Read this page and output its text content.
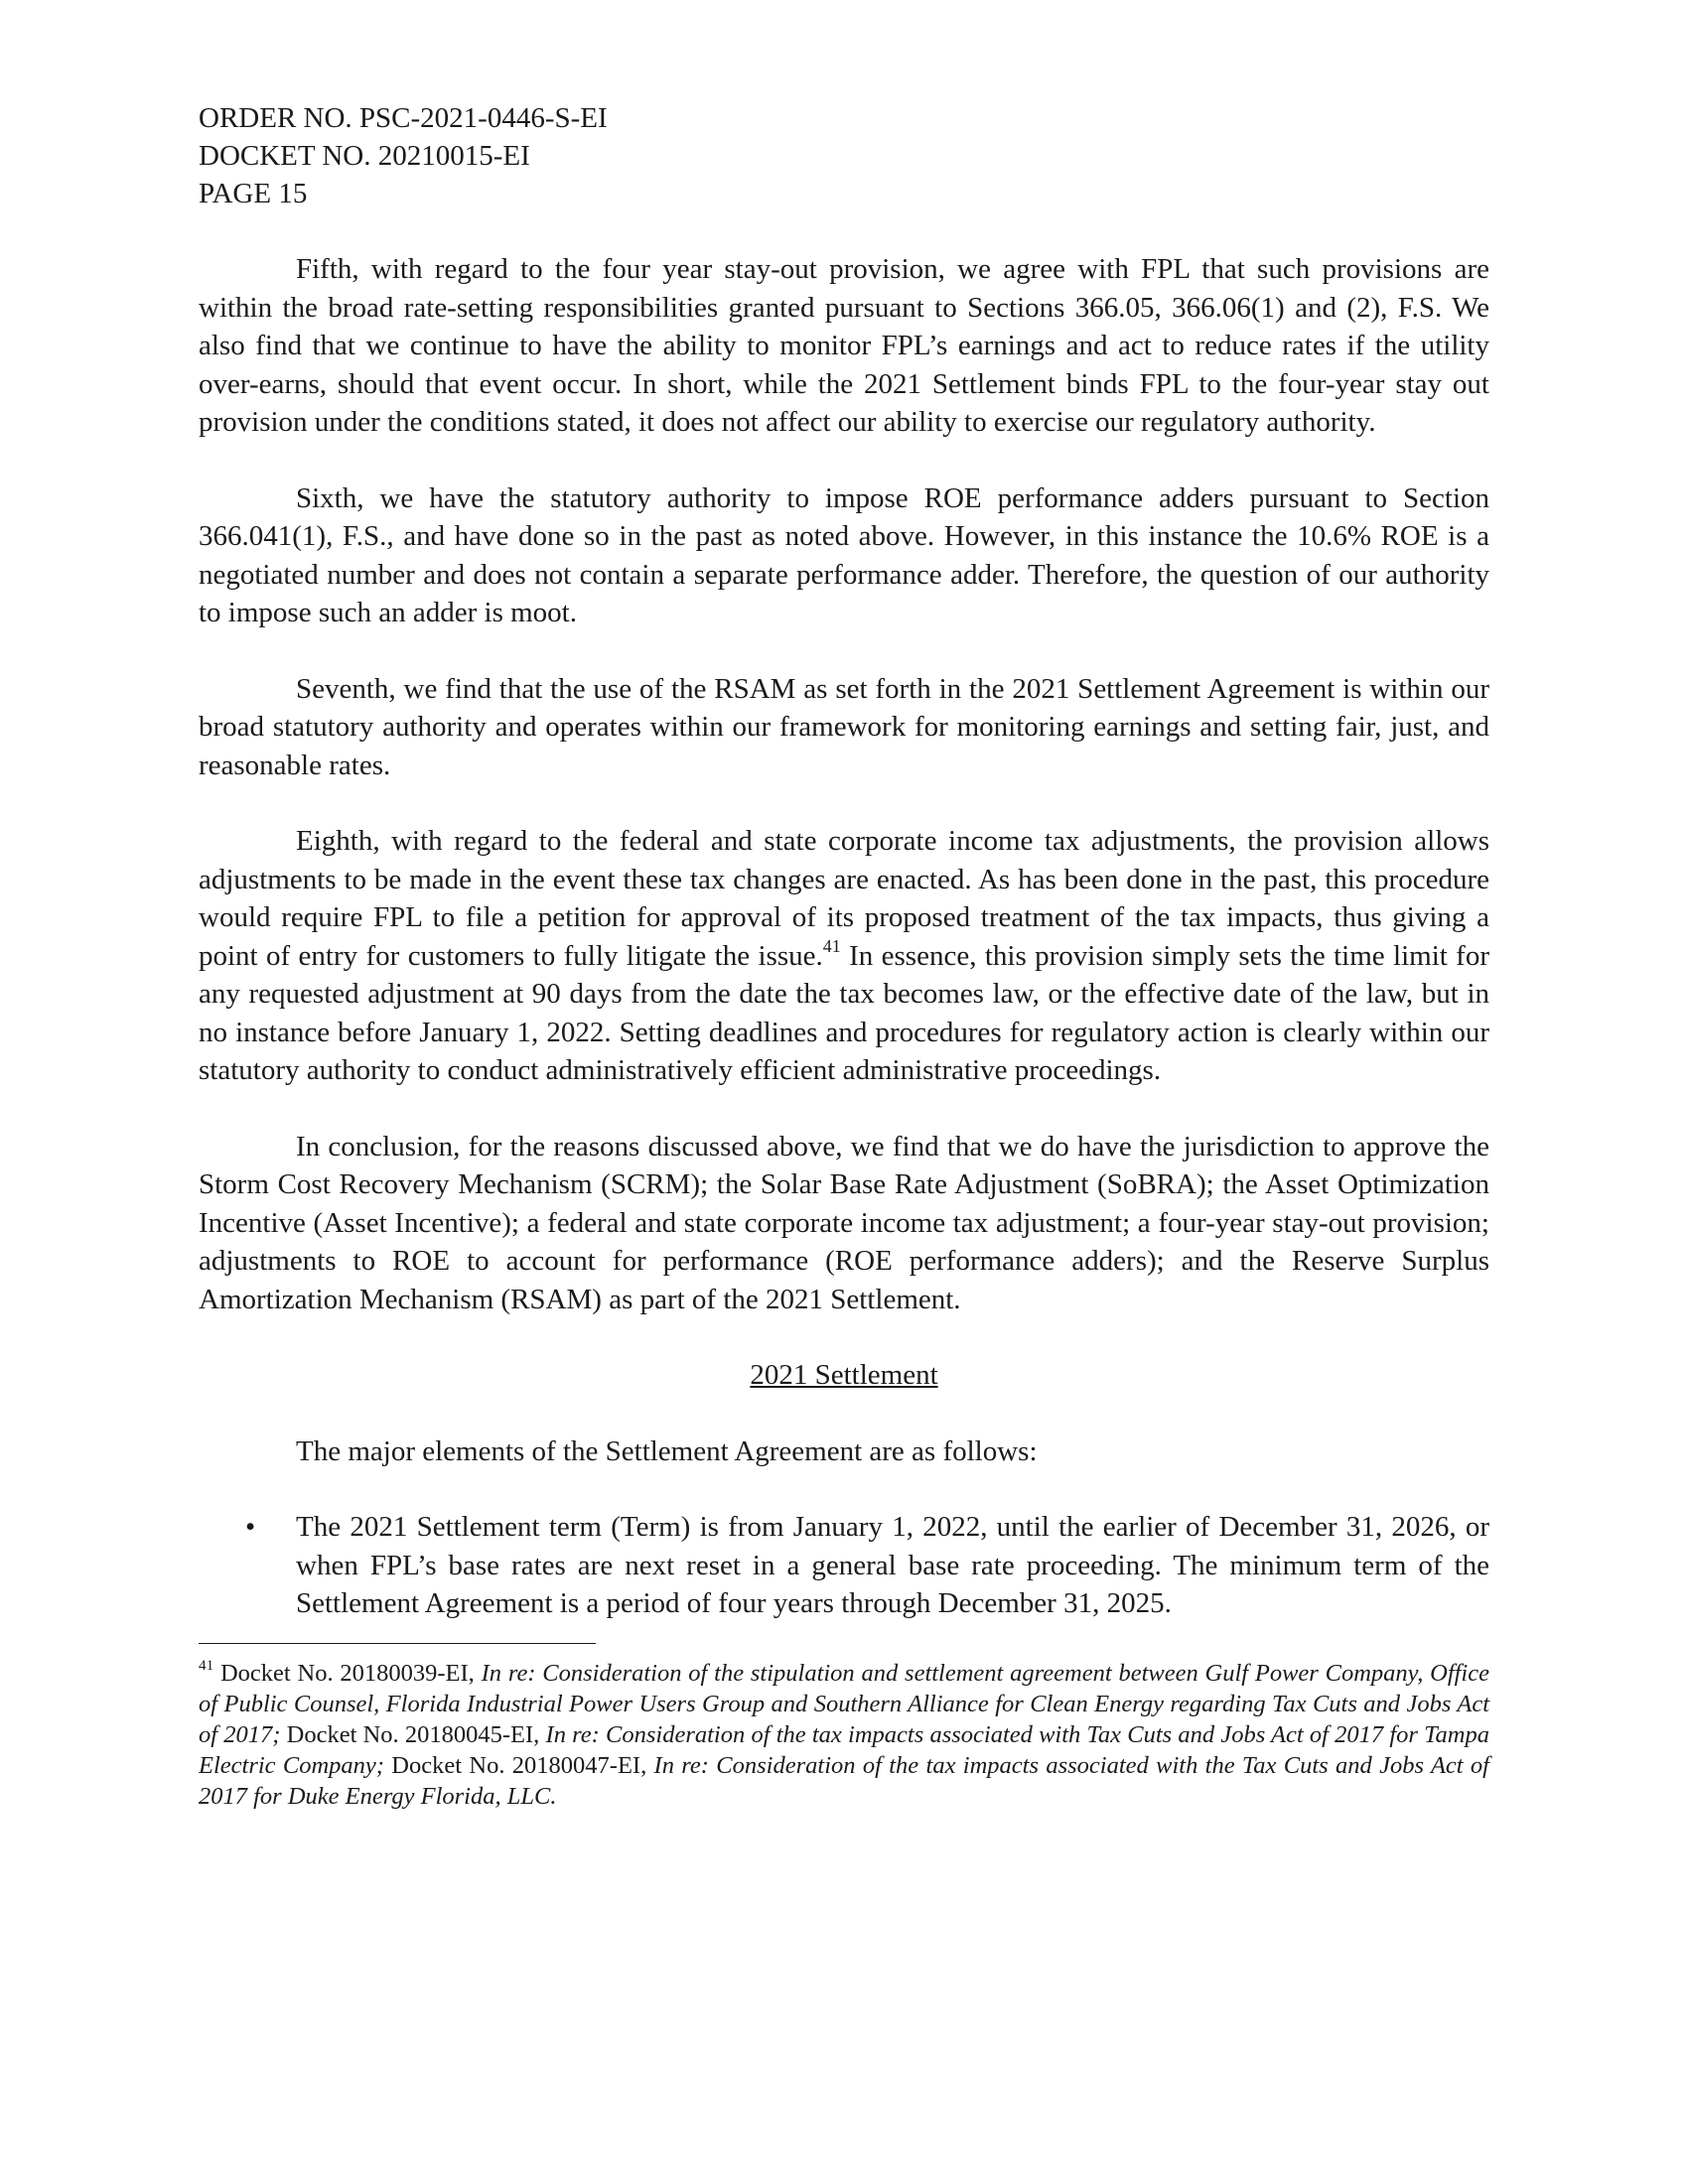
ORDER NO. PSC-2021-0446-S-EI

DOCKET NO. 20210015-EI

PAGE 15

Fifth, with regard to the four year stay-out provision, we agree with FPL that such provisions are within the broad rate-setting responsibilities granted pursuant to Sections 366.05, 366.06(1) and (2), F.S. We also find that we continue to have the ability to monitor FPL’s earnings and act to reduce rates if the utility over-earns, should that event occur. In short, while the 2021 Settlement binds FPL to the four-year stay out provision under the conditions stated, it does not affect our ability to exercise our regulatory authority.

Sixth, we have the statutory authority to impose ROE performance adders pursuant to Section 366.041(1), F.S., and have done so in the past as noted above. However, in this instance the 10.6% ROE is a negotiated number and does not contain a separate performance adder. Therefore, the question of our authority to impose such an adder is moot.

Seventh, we find that the use of the RSAM as set forth in the 2021 Settlement Agreement is within our broad statutory authority and operates within our framework for monitoring earnings and setting fair, just, and reasonable rates.

Eighth, with regard to the federal and state corporate income tax adjustments, the provision allows adjustments to be made in the event these tax changes are enacted. As has been done in the past, this procedure would require FPL to file a petition for approval of its proposed treatment of the tax impacts, thus giving a point of entry for customers to fully litigate the issue.$^{41}$ In essence, this provision simply sets the time limit for any requested adjustment at 90 days from the date the tax becomes law, or the effective date of the law, but in no instance before January 1, 2022. Setting deadlines and procedures for regulatory action is clearly within our statutory authority to conduct administratively efficient administrative proceedings.

In conclusion, for the reasons discussed above, we find that we do have the jurisdiction to approve the Storm Cost Recovery Mechanism (SCRM); the Solar Base Rate Adjustment (SoBRA); the Asset Optimization Incentive (Asset Incentive); a federal and state corporate income tax adjustment; a four-year stay-out provision; adjustments to ROE to account for performance (ROE performance adders); and the Reserve Surplus Amortization Mechanism (RSAM) as part of the 2021 Settlement.

2021 Settlement

The major elements of the Settlement Agreement are as follows:

• The 2021 Settlement term (Term) is from January 1, 2022, until the earlier of December 31, 2026, or when FPL’s base rates are next reset in a general base rate proceeding. The minimum term of the Settlement Agreement is a period of four years through December 31, 2025.

$^{41}$ Docket No. 20180039-EI, In re: Consideration of the stipulation and settlement agreement between Gulf Power Company, Office of Public Counsel, Florida Industrial Power Users Group and Southern Alliance for Clean Energy regarding Tax Cuts and Jobs Act of 2017; Docket No. 20180045-EI, In re: Consideration of the tax impacts associated with Tax Cuts and Jobs Act of 2017 for Tampa Electric Company; Docket No. 20180047-EI, In re: Consideration of the tax impacts associated with the Tax Cuts and Jobs Act of 2017 for Duke Energy Florida, LLC.
